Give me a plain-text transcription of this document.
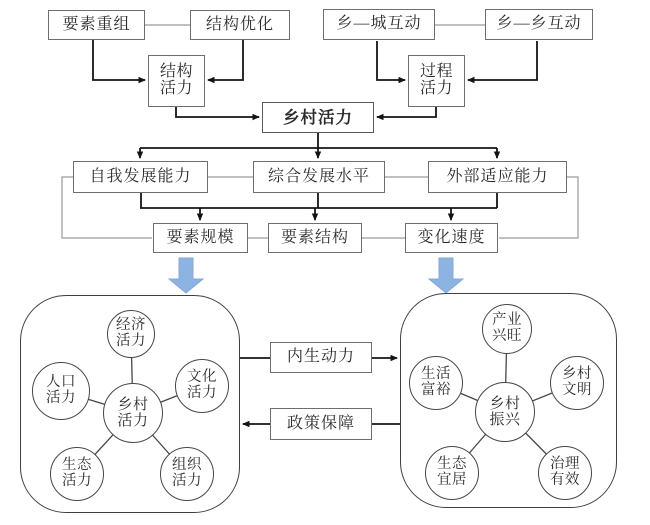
要素重组	结构优化	乡—城互动	乡—乡互动
结构
活力
过程
活力
乡村活力
自我发展能力	综合发展水平	外部适应能力
要素规模	要素结构	变化速度
内生动力
政策保障
乡村
活力
经济
活力
人口
活力
文化
活力
生态
活力
组织
活力
乡村
振兴
产业
兴旺
生活
富裕
乡村
文明
生态
宜居
治理
有效
